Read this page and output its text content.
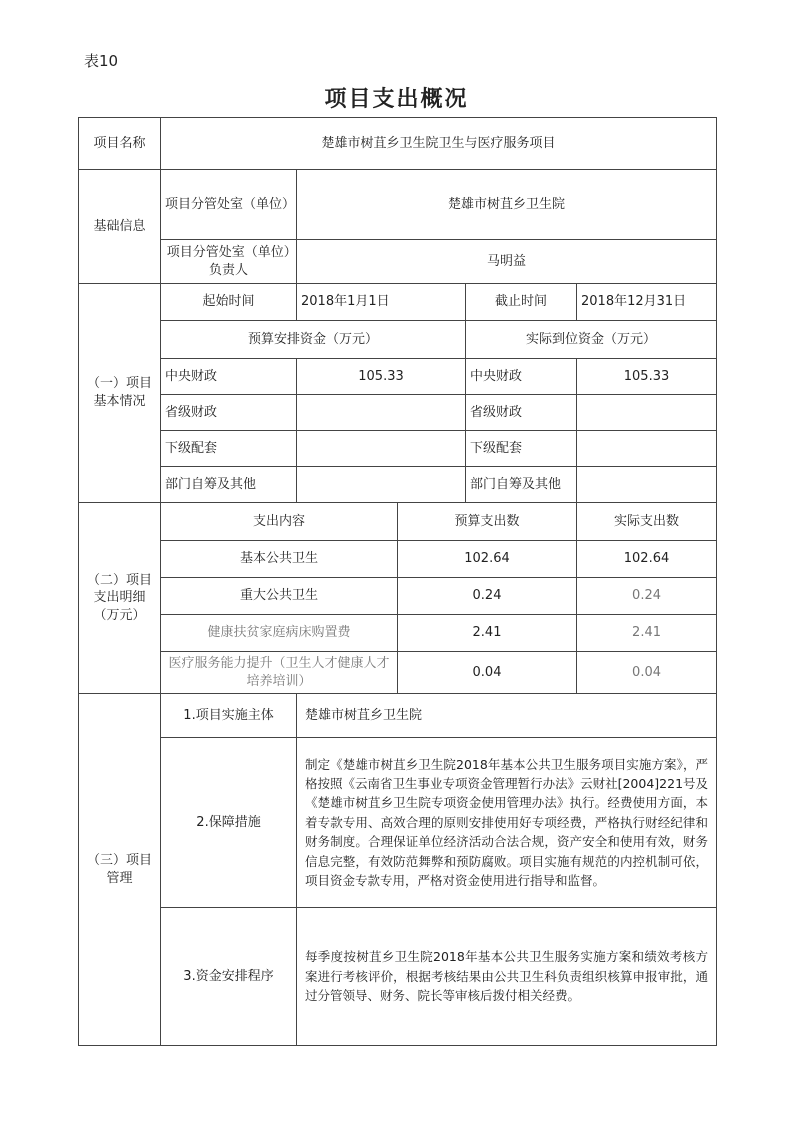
表10
项目支出概况
项目名称	楚雄市树苴乡卫生院卫生与医疗服务项目				
基础信息	项目分管处室（单位）	楚雄市树苴乡卫生院			
	项目分管处室（单位）负责人	马明益			
（一）项目基本情况	起始时间	2018年1月1日		截止时间	2018年12月31日
	预算安排资金（万元）			实际到位资金（万元）	
	中央财政	105.33		中央财政	105.33
	省级财政			省级财政	
	下级配套			下级配套	
	部门自筹及其他			部门自筹及其他	

（二）项目支出明细（万元）	支出内容		预算支出数		实际支出数
	基本公共卫生		102.64		102.64
	重大公共卫生		0.24		0.24
	健康扶贫家庭病床购置费		2.41		2.41
	医疗服务能力提升（卫生人才健康人才培养培训）		0.04		0.04
（三）项目管理	1.项目实施主体	楚雄市树苴乡卫生院			
	2.保障措施	制定《楚雄市树苴乡卫生院2018年基本公共卫生服务项目实施方案》，严格按照《云南省卫生事业专项资金管理暂行办法》云财社[2004]221号及《楚雄市树苴乡卫生院专项资金使用管理办法》执行。经费使用方面，本着专款专用、高效合理的原则安排使用好专项经费，严格执行财经纪律和财务制度。合理保证单位经济活动合法合规，资产安全和使用有效，财务信息完整，有效防范舞弊和预防腐败。项目实施有规范的内控机制可依，项目资金专款专用，严格对资金使用进行指导和监督。			
	3.资金安排程序	每季度按树苴乡卫生院2018年基本公共卫生服务实施方案和绩效考核方案进行考核评价，根据考核结果由公共卫生科负责组织核算申报审批，通过分管领导、财务、院长等审核后拨付相关经费。			
